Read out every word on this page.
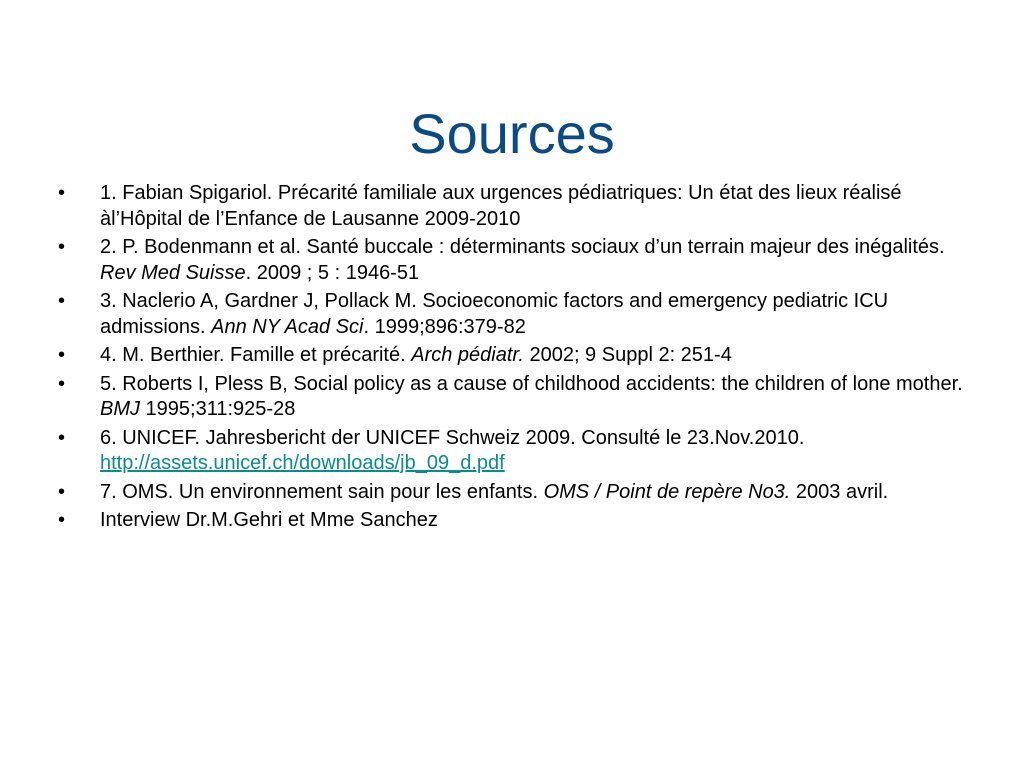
Sources
•	1. Fabian Spigariol. Précarité familiale aux urgences pédiatriques: Un état des lieux réalisé àl’Hôpital de l’Enfance de Lausanne 2009-2010
•	2. P. Bodenmann et al. Santé buccale : déterminants sociaux d’un terrain majeur des inégalités. Rev Med Suisse. 2009 ; 5 : 1946-51
•	3. Naclerio A, Gardner J, Pollack M. Socioeconomic factors and emergency pediatric ICU admissions. Ann NY Acad Sci. 1999;896:379-82
•	4. M. Berthier. Famille et précarité. Arch pédiatr. 2002; 9 Suppl 2: 251-4
•	5. Roberts I, Pless B, Social policy as a cause of childhood accidents: the children of lone mother. BMJ 1995;311:925-28
•	6. UNICEF. Jahresbericht der UNICEF Schweiz 2009. Consulté le 23.Nov.2010. http://assets.unicef.ch/downloads/jb_09_d.pdf
•	7. OMS. Un environnement sain pour les enfants. OMS / Point de repère No3. 2003 avril.
•	Interview Dr.M.Gehri et Mme Sanchez
